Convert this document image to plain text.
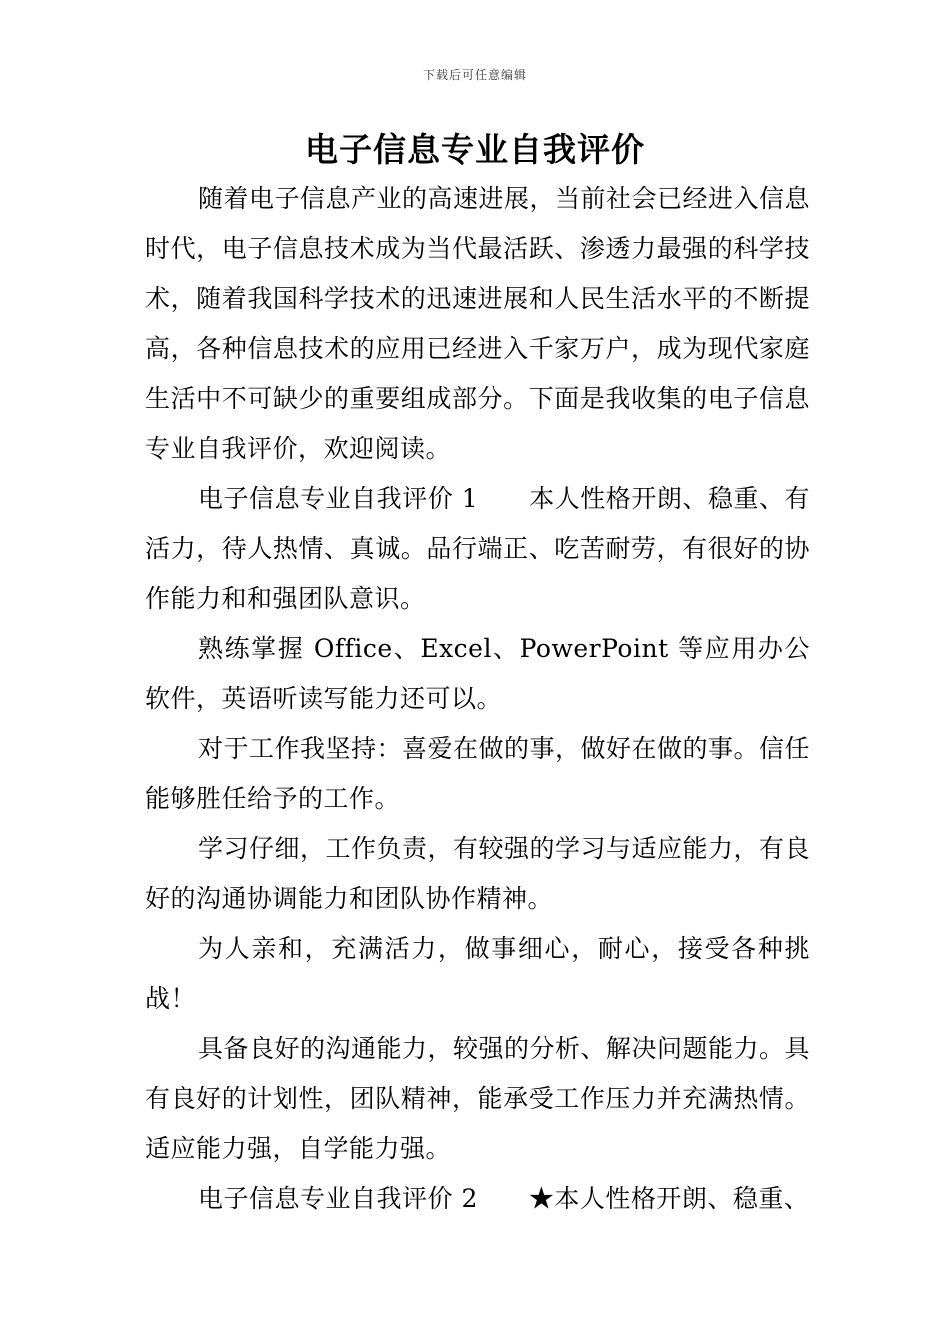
下载后可任意编辑
电子信息专业自我评价

随着电子信息产业的高速进展，当前社会已经进入信息时代，电子信息技术成为当代最活跃、渗透力最强的科学技术，随着我国科学技术的迅速进展和人民生活水平的不断提高，各种信息技术的应用已经进入千家万户，成为现代家庭生活中不可缺少的重要组成部分。下面是我收集的电子信息专业自我评价，欢迎阅读。

电子信息专业自我评价 1　　本人性格开朗、稳重、有活力，待人热情、真诚。品行端正、吃苦耐劳，有很好的协作能力和和强团队意识。

熟练掌握 Office、Excel、PowerPoint 等应用办公软件，英语听读写能力还可以。

对于工作我坚持：喜爱在做的事，做好在做的事。信任能够胜任给予的工作。

学习仔细，工作负责，有较强的学习与适应能力，有良好的沟通协调能力和团队协作精神。

为人亲和，充满活力，做事细心，耐心，接受各种挑战！

具备良好的沟通能力，较强的分析、解决问题能力。具有良好的计划性，团队精神，能承受工作压力并充满热情。适应能力强，自学能力强。

电子信息专业自我评价 2　　★本人性格开朗、稳重、
